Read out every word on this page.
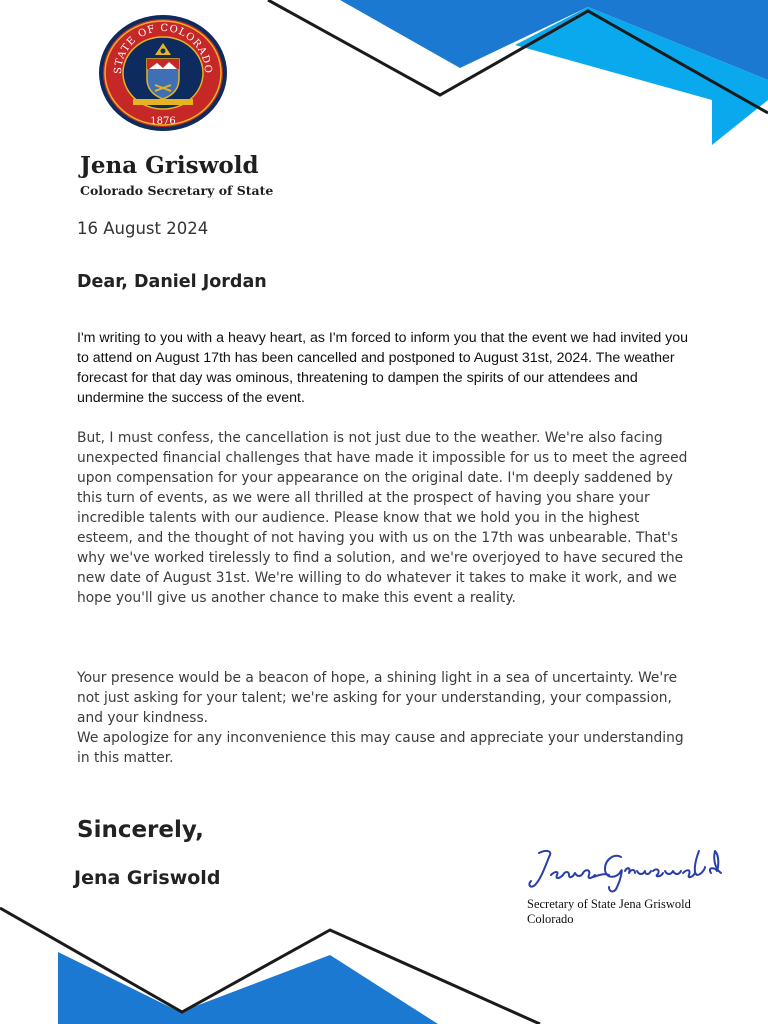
STATE OF COLORADO
1876
Jena Griswold
Colorado Secretary of State
16 August 2024
Dear, Daniel Jordan

I'm writing to you with a heavy heart, as I'm forced to inform you that the event we had invited you to attend on August 17th has been cancelled and postponed to August 31st, 2024. The weather forecast for that day was ominous, threatening to dampen the spirits of our attendees and undermine the success of the event.

But, I must confess, the cancellation is not just due to the weather. We're also facing unexpected financial challenges that have made it impossible for us to meet the agreed upon compensation for your appearance on the original date. I'm deeply saddened by this turn of events, as we were all thrilled at the prospect of having you share your incredible talents with our audience. Please know that we hold you in the highest esteem, and the thought of not having you with us on the 17th was unbearable. That's why we've worked tirelessly to find a solution, and we're overjoyed to have secured the new date of August 31st. We're willing to do whatever it takes to make it work, and we hope you'll give us another chance to make this event a reality.

Your presence would be a beacon of hope, a shining light in a sea of uncertainty. We're not just asking for your talent; we're asking for your understanding, your compassion, and your kindness.
We apologize for any inconvenience this may cause and appreciate your understanding in this matter.
Sincerely,
Jena Griswold
Secretary of State Jena Griswold
Colorado
